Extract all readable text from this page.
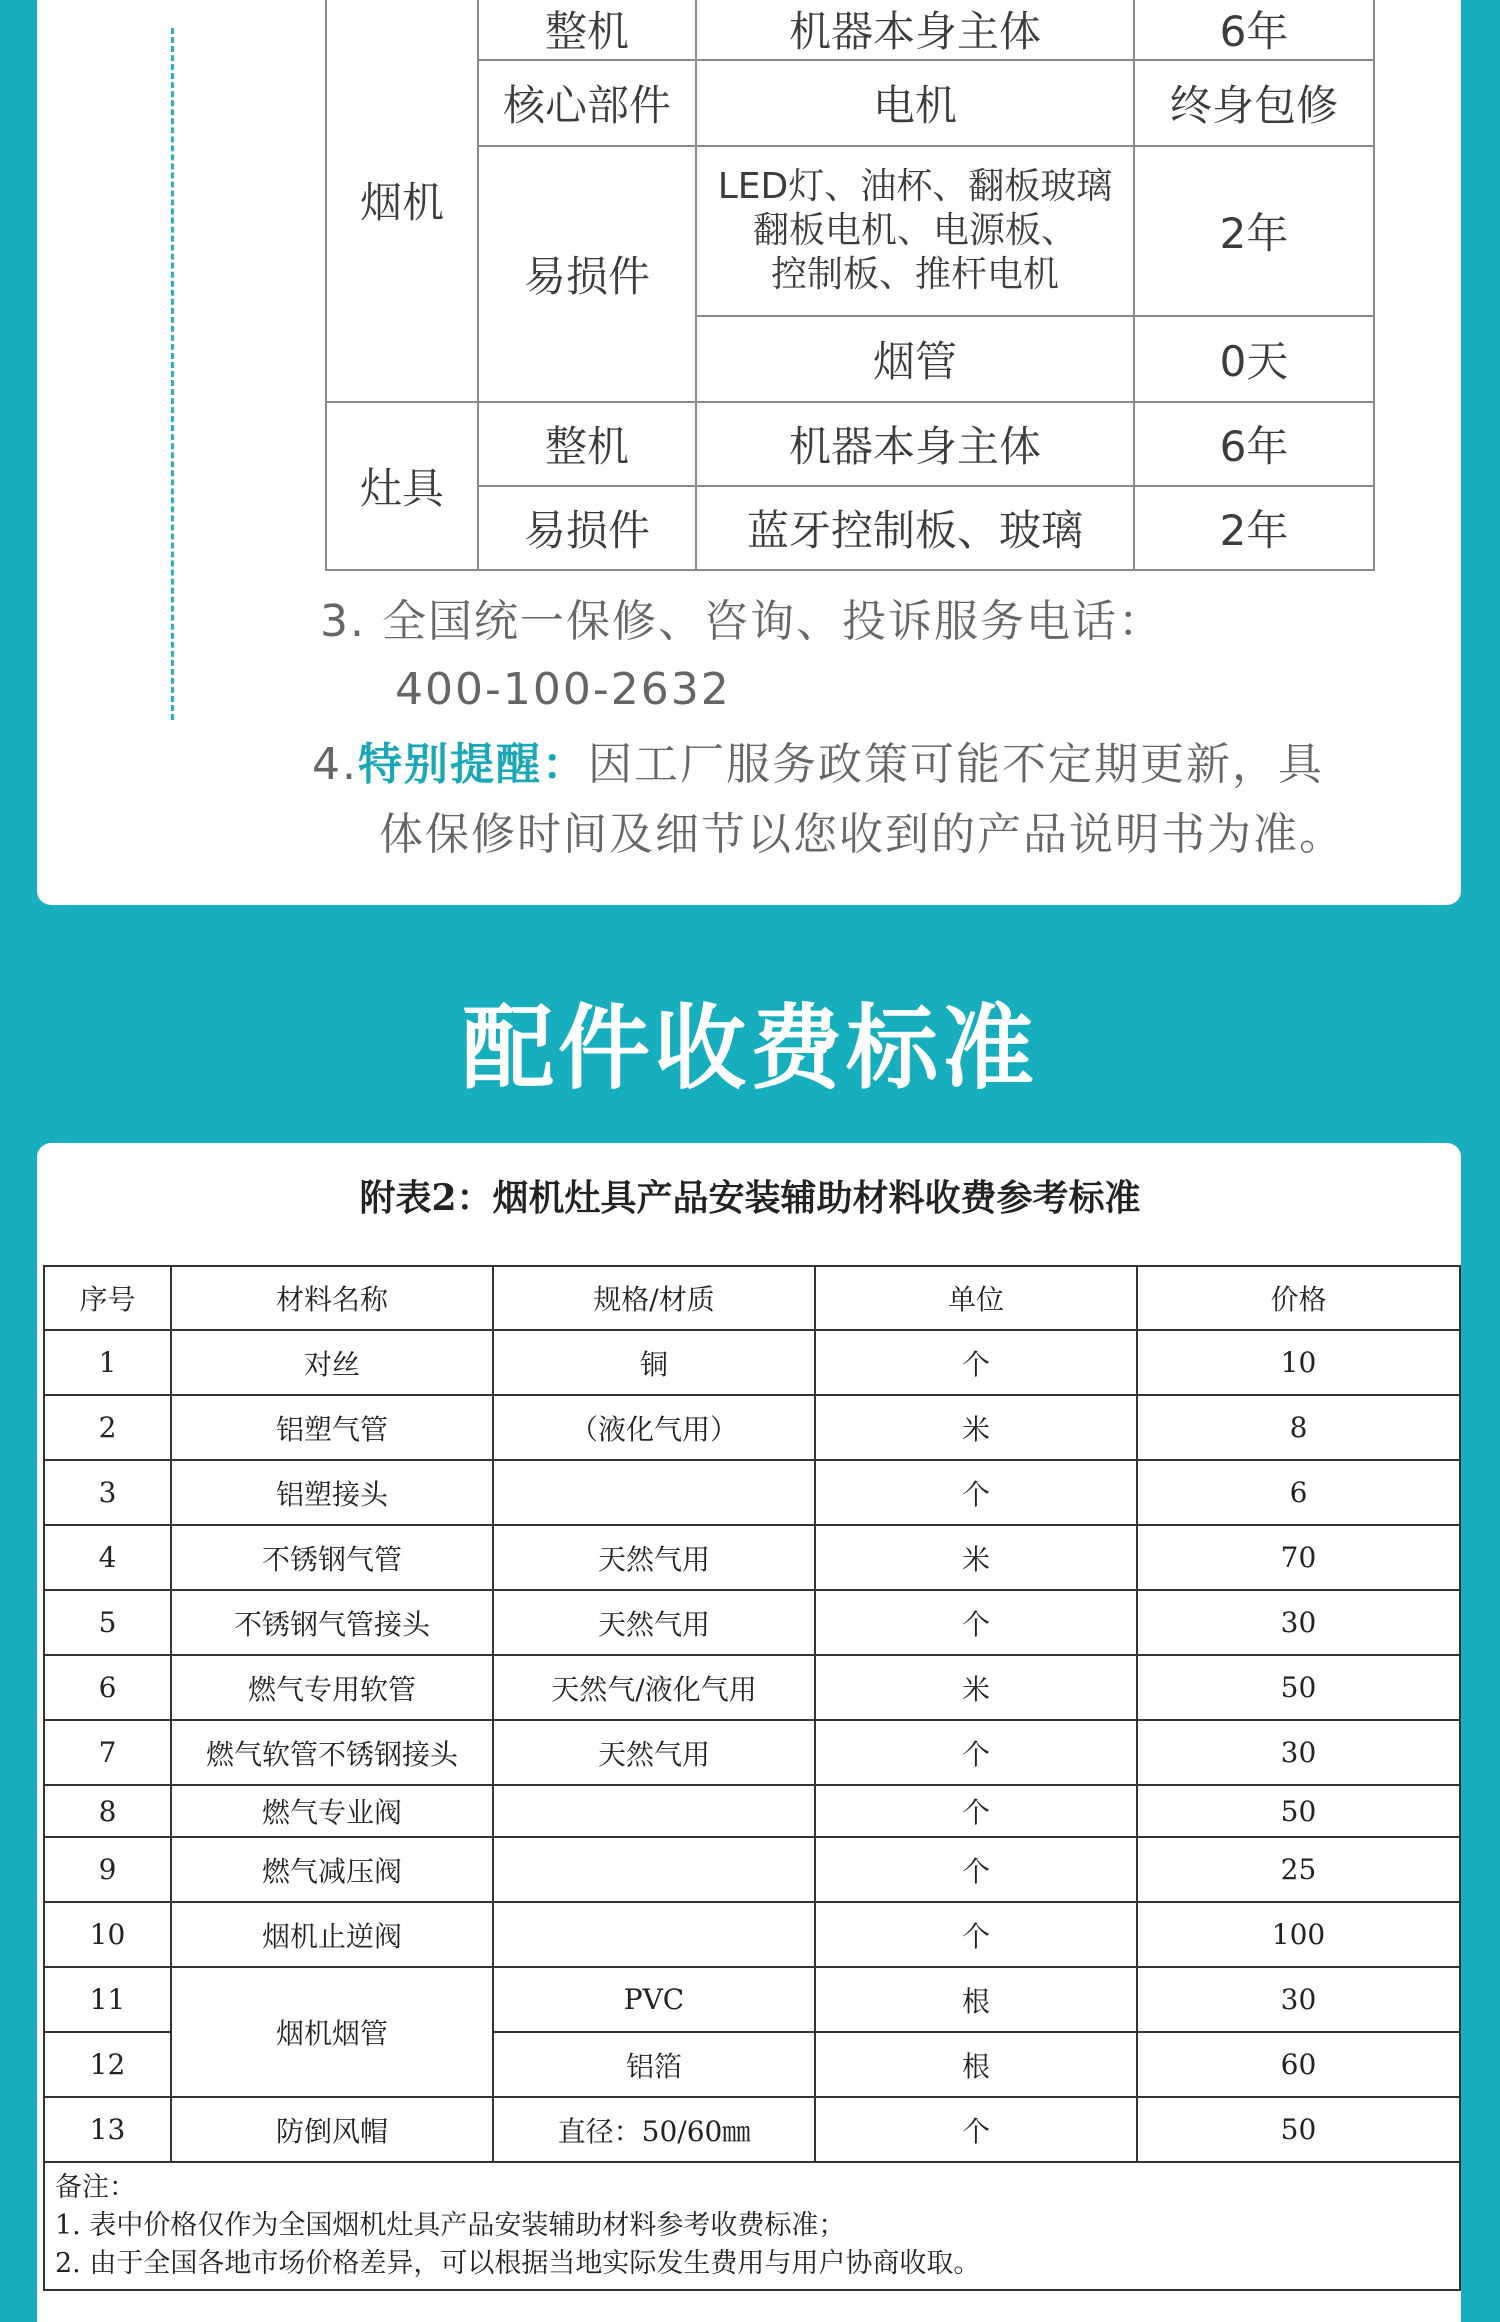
烟机	整机	机器本身主体	6年
	核心部件	电机	终身包修
	易损件	LED灯、油杯、翻板玻璃
翻板电机、电源板、
控制板、推杆电机	2年
		烟管	0天
灶具	整机	机器本身主体	6年
	易损件	蓝牙控制板、玻璃	2年
3. 全国统一保修、咨询、投诉服务电话：
400-100-2632
4.特别提醒：因工厂服务政策可能不定期更新，具
体保修时间及细节以您收到的产品说明书为准。
配件收费标准
附表2：烟机灶具产品安装辅助材料收费参考标准
序号	材料名称	规格/材质	单位	价格
1	对丝	铜	个	10
2	铝塑气管	（液化气用）	米	8
3	铝塑接头		个	6
4	不锈钢气管	天然气用	米	70
5	不锈钢气管接头	天然气用	个	30
6	燃气专用软管	天然气/液化气用	米	50
7	燃气软管不锈钢接头	天然气用	个	30
8	燃气专业阀		个	50
9	燃气减压阀		个	25
10	烟机止逆阀		个	100
11	烟机烟管	PVC	根	30
12		铝箔	根	60
13	防倒风帽	直径：50/60㎜	个	50

备注：
1. 表中价格仅作为全国烟机灶具产品安装辅助材料参考收费标准；
2. 由于全国各地市场价格差异，可以根据当地实际发生费用与用户协商收取。				
